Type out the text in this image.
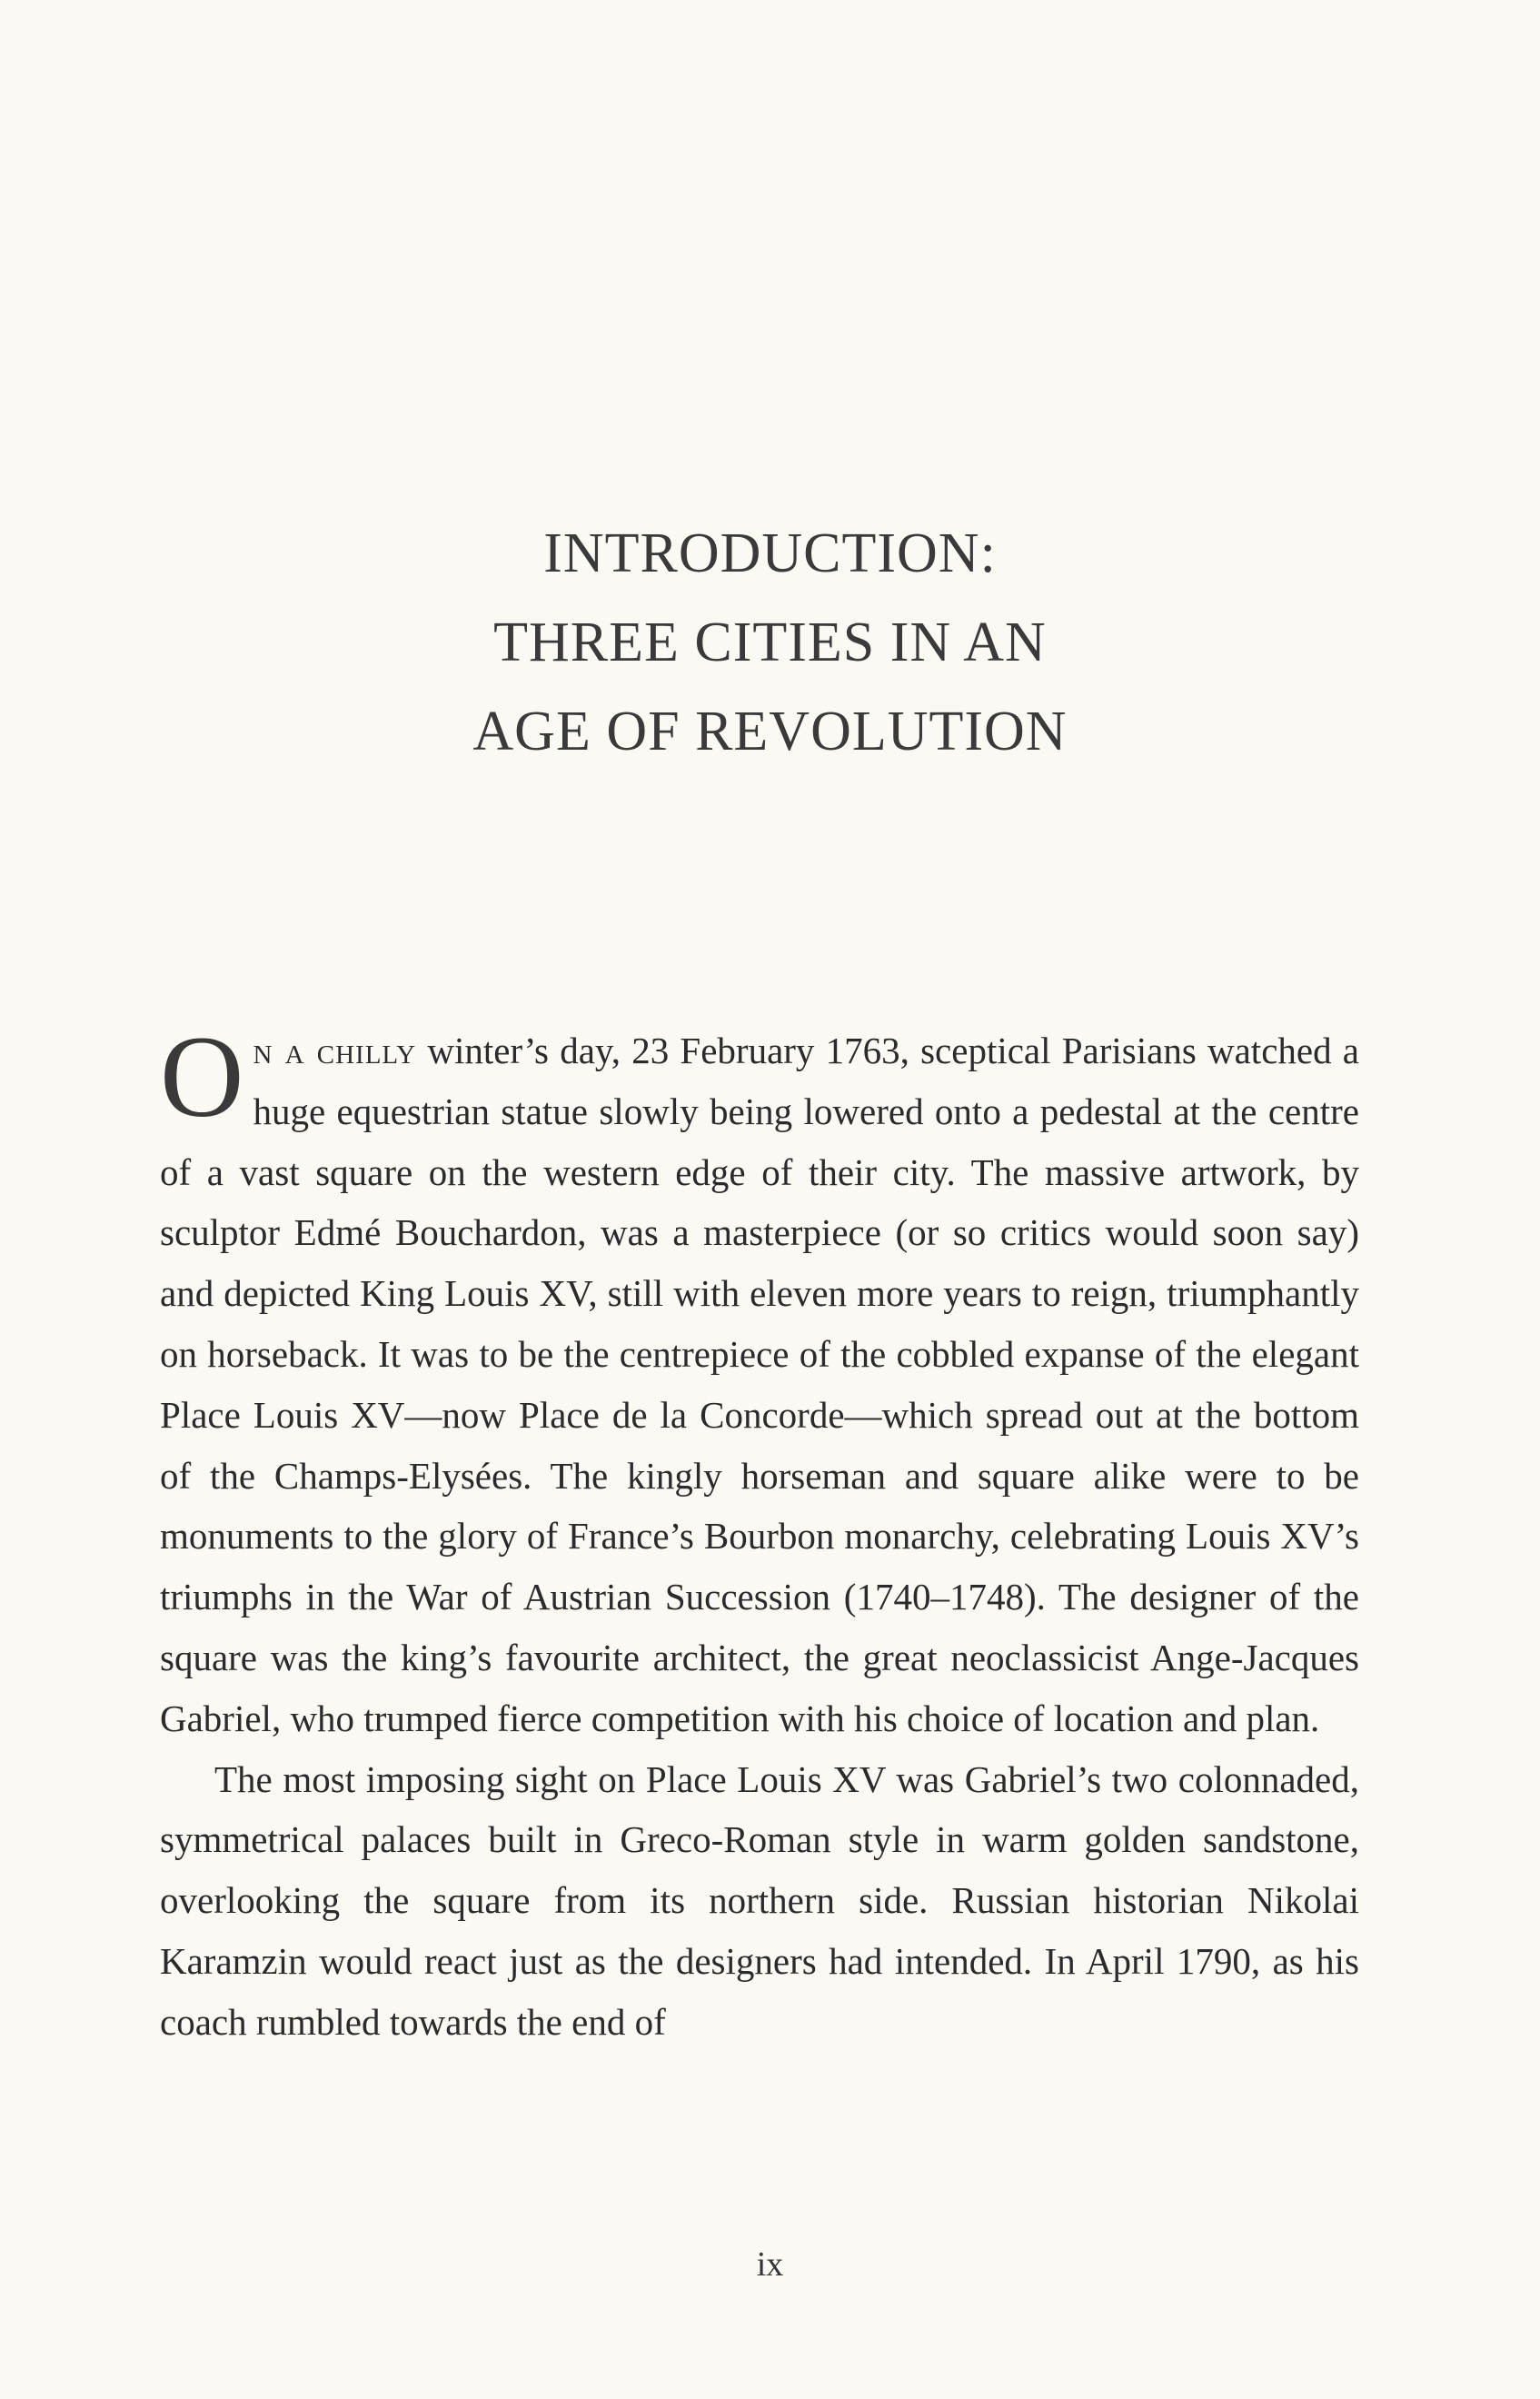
INTRODUCTION:
THREE CITIES IN AN
AGE OF REVOLUTION

On a chilly winter’s day, 23 February 1763, sceptical Parisians watched a huge equestrian statue slowly being lowered onto a pedestal at the centre of a vast square on the western edge of their city. The massive artwork, by sculptor Edmé Bouchardon, was a masterpiece (or so critics would soon say) and depicted King Louis XV, still with eleven more years to reign, triumphantly on horseback. It was to be the centrepiece of the cobbled expanse of the elegant Place Louis XV—now Place de la Concorde—which spread out at the bottom of the Champs-Elysées. The kingly horseman and square alike were to be monuments to the glory of France’s Bourbon monarchy, celebrating Louis XV’s triumphs in the War of Austrian Succession (1740–1748). The designer of the square was the king’s favourite architect, the great neoclassicist Ange-Jacques Gabriel, who trumped fierce competition with his choice of location and plan.

The most imposing sight on Place Louis XV was Gabriel’s two colonnaded, symmetrical palaces built in Greco-Roman style in warm golden sandstone, overlooking the square from its northern side. Russian historian Nikolai Karamzin would react just as the designers had intended. In April 1790, as his coach rumbled towards the end of

ix
